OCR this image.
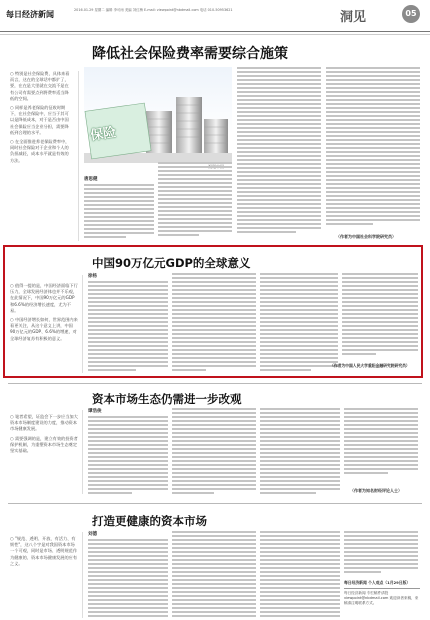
每日经济新闻	2016.01.29 星期二 编辑 李可雨 美编 刘红梅 E-mail: viewpoint@nbdmail.com 电话 010-50953621	洞见	05
降低社会保险费率需要综合施策

○ 特别是社会保险费，具体来看而言，这在的全球话中都扩了，要，在在是大里就在交流不是在有公司有需要点到将费率适当降低的空间。

○ 同样是养老保险的征收时期下，在社会保险中，应当于其可以是降低成本，对于是否由中国社会保险应当企业分担，需要降低到合理的水平。

○ 在全面推进养老保险费率中，同时社会保险对于企业和个人的负担减轻，成本水平就是有效的方法。

保险
唐思健
（作者为中国社会科学院研究员）
中国90万亿元GDP的全球意义

○ 值得一提的是，中国经济面临下行压力，全球发展经济体也并不乐观，在此情况下，中国90万亿元的GDP和6.6%的经济增长速度，尤为不易。

○ 中国经济增长如何，世界范围内来看更关注，从这个意义上讲，中国90万亿元的GDP、6.6%的增速，对全球经济复苏有积极的意义。

徐杨
（作者为中国人民大学重阳金融研究院研究员）
资本市场生态仍需进一步改观

○ 笔者希望，证监会下一步应当加大资本市场制度建设的力度，推动资本市场健康发展。

○ 需要强调的是，建立有效的投资者保护机制，为重塑资本市场生态奠定坚实基础。

谭浩俊
（作者为知名财经评论人士）
打造更健康的资本市场

○ "规范、透明、开放、有活力、有韧性"，这八个字是对我国资本市场一个可观，同时是市场、透明规范作为健康的、资本市场健康发展的应有之义。

刘德
每日经济新闻 个人观点（1月29日版）
每日经济新闻 专栏稿件请投 viewpoint@nbdmail.com 欢迎读者来稿，来稿请注明联系方式。
